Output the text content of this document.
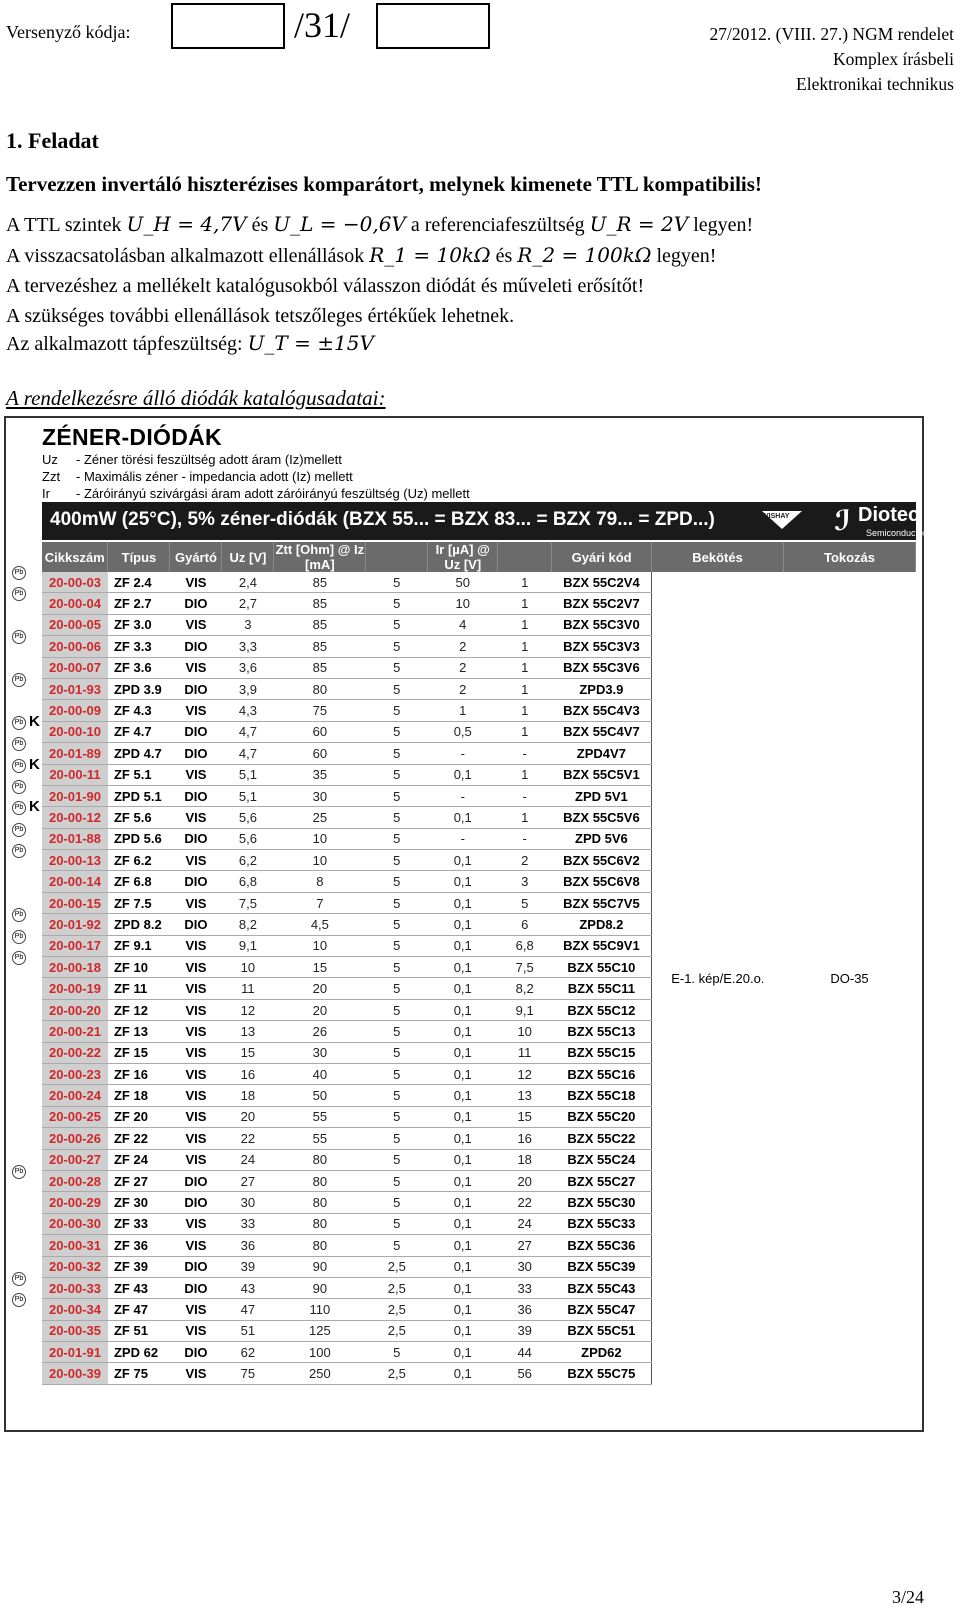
Versenyző kódja:	/31/	27/2012. (VIII. 27.) NGM rendelet
Komplex írásbeli
Elektronikai technikus
1. Feladat
Tervezzen invertáló hiszterézises komparátort, melynek kimenete TTL kompatibilis!
A TTL szintek U_H = 4,7V és U_L = −0,6V a referenciafeszültség U_R = 2V legyen!
A visszacsatolásban alkalmazott ellenállások R_1 = 10kΩ és R_2 = 100kΩ legyen!
A tervezéshez a mellékelt katalógusokból válasszon diódát és műveleti erősítőt!
A szükséges további ellenállások tetszőleges értékűek lehetnek.
Az alkalmazott tápfeszültség: U_T = ±15V
A rendelkezésre álló diódák katalógusadatai:
ZÉNER-DIÓDÁK
Uz - Zéner törési feszültség adott áram (Iz)mellett
Zzt - Maximális zéner - impedancia adott (Iz) mellett
Ir - Záróirányú szivárgási áram adott záróirányú feszültség (Uz) mellett
400mW (25°C), 5% zéner-diódák (BZX 55... = BZX 83... = BZX 79... = ZPD...)	VISHAY ℐ Diotec
Semiconductor
Pb
Pb
Pb
Pb
Pb K
Pb
Pb K
Pb
Pb K
Pb
Pb
Pb
Pb
Pb
Pb
Pb
Pb
Cikkszám	Típus	Gyártó	Uz [V]	Ztt [Ohm] @ Iz [mA]		Ir [µA] @ Uz [V]		Gyári kód	Bekötés	Tokozás
20-00-03	ZF 2.4	VIS	2,4	85	5	50	1	BZX 55C2V4	E-1. kép/E.20.o.	DO-35
20-00-04	ZF 2.7	DIO	2,7	85	5	10	1	BZX 55C2V7		
20-00-05	ZF 3.0	VIS	3	85	5	4	1	BZX 55C3V0		
20-00-06	ZF 3.3	DIO	3,3	85	5	2	1	BZX 55C3V3		
20-00-07	ZF 3.6	VIS	3,6	85	5	2	1	BZX 55C3V6		
20-01-93	ZPD 3.9	DIO	3,9	80	5	2	1	ZPD3.9		
20-00-09	ZF 4.3	VIS	4,3	75	5	1	1	BZX 55C4V3		
20-00-10	ZF 4.7	DIO	4,7	60	5	0,5	1	BZX 55C4V7		
20-01-89	ZPD 4.7	DIO	4,7	60	5	-	-	ZPD4V7		
20-00-11	ZF 5.1	VIS	5,1	35	5	0,1	1	BZX 55C5V1		
20-01-90	ZPD 5.1	DIO	5,1	30	5	-	-	ZPD 5V1		
20-00-12	ZF 5.6	VIS	5,6	25	5	0,1	1	BZX 55C5V6		
20-01-88	ZPD 5.6	DIO	5,6	10	5	-	-	ZPD 5V6		
20-00-13	ZF 6.2	VIS	6,2	10	5	0,1	2	BZX 55C6V2		
20-00-14	ZF 6.8	DIO	6,8	8	5	0,1	3	BZX 55C6V8		
20-00-15	ZF 7.5	VIS	7,5	7	5	0,1	5	BZX 55C7V5		
20-01-92	ZPD 8.2	DIO	8,2	4,5	5	0,1	6	ZPD8.2		
20-00-17	ZF 9.1	VIS	9,1	10	5	0,1	6,8	BZX 55C9V1		
20-00-18	ZF 10	VIS	10	15	5	0,1	7,5	BZX 55C10		
20-00-19	ZF 11	VIS	11	20	5	0,1	8,2	BZX 55C11		
20-00-20	ZF 12	VIS	12	20	5	0,1	9,1	BZX 55C12		
20-00-21	ZF 13	VIS	13	26	5	0,1	10	BZX 55C13		
20-00-22	ZF 15	VIS	15	30	5	0,1	11	BZX 55C15		
20-00-23	ZF 16	VIS	16	40	5	0,1	12	BZX 55C16		
20-00-24	ZF 18	VIS	18	50	5	0,1	13	BZX 55C18		
20-00-25	ZF 20	VIS	20	55	5	0,1	15	BZX 55C20		
20-00-26	ZF 22	VIS	22	55	5	0,1	16	BZX 55C22		
20-00-27	ZF 24	VIS	24	80	5	0,1	18	BZX 55C24		
20-00-28	ZF 27	DIO	27	80	5	0,1	20	BZX 55C27		
20-00-29	ZF 30	DIO	30	80	5	0,1	22	BZX 55C30		
20-00-30	ZF 33	VIS	33	80	5	0,1	24	BZX 55C33		
20-00-31	ZF 36	VIS	36	80	5	0,1	27	BZX 55C36		
20-00-32	ZF 39	DIO	39	90	2,5	0,1	30	BZX 55C39		
20-00-33	ZF 43	DIO	43	90	2,5	0,1	33	BZX 55C43		
20-00-34	ZF 47	VIS	47	110	2,5	0,1	36	BZX 55C47		
20-00-35	ZF 51	VIS	51	125	2,5	0,1	39	BZX 55C51		
20-01-91	ZPD 62	DIO	62	100	5	0,1	44	ZPD62		
20-00-39	ZF 75	VIS	75	250	2,5	0,1	56	BZX 55C75		
3/24
